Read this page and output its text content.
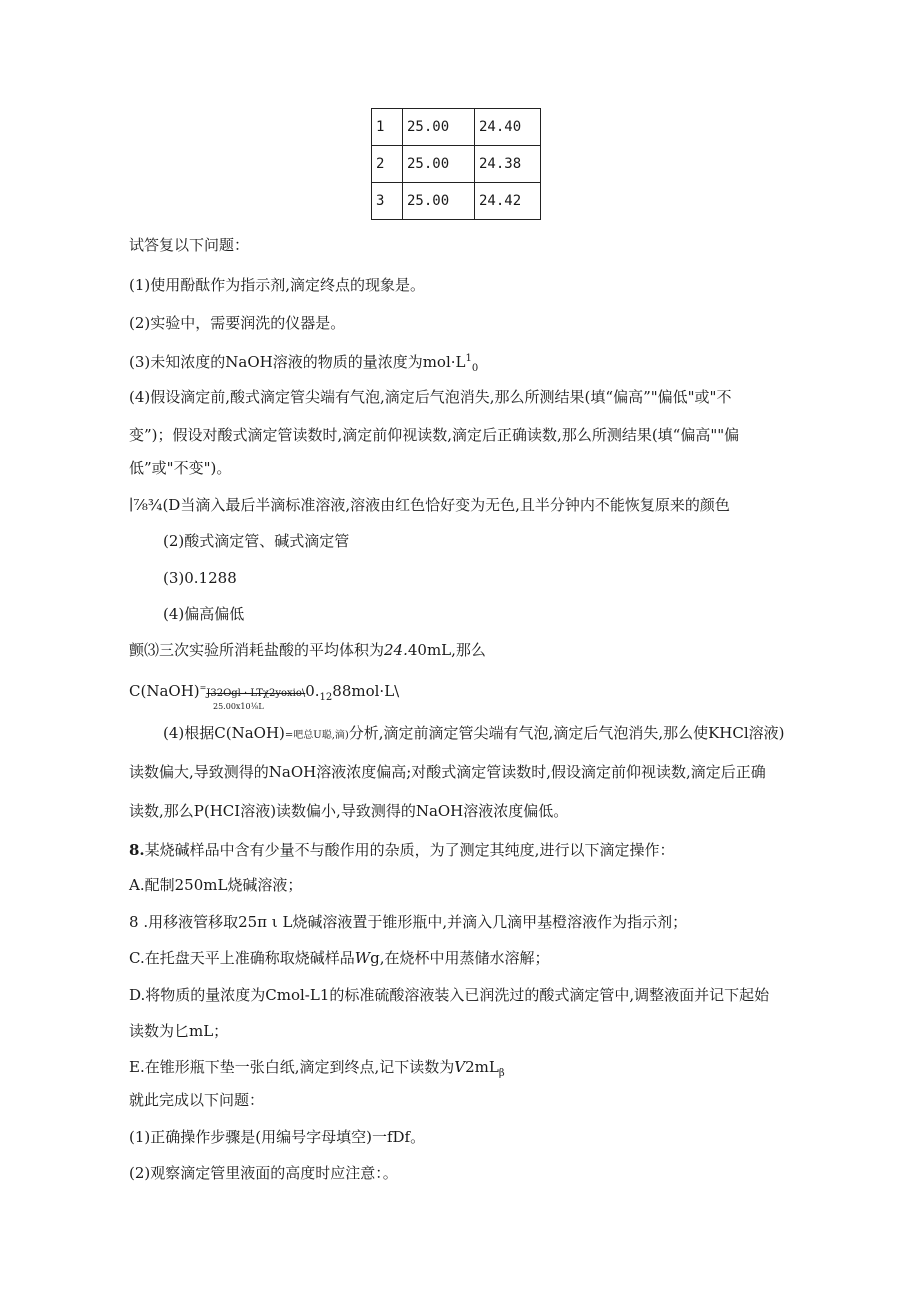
1	25.00	24.40
2	25.00	24.38
3	25.00	24.42
试答复以下问题：
(1)使用酚酞作为指示剂,滴定终点的现象是。
(2)实验中，需要润洗的仪器是。
(3)未知浓度的NaOH溶液的物质的量浓度为$mol\cdot L^1_0$
(4)假设滴定前,酸式滴定管尖端有气泡,滴定后气泡消失,那么所测结果(填“偏高”"偏低"或"不
变”)；假设对酸式滴定管读数时,滴定前仰视读数,滴定后正确读数,那么所测结果(填“偏高""偏
低”或"不变")。
∣⅞¾(D当滴入最后半滴标准溶液,溶液由红色恰好变为无色,且半分钟内不能恢复原来的颜色
(2)酸式滴定管、碱式滴定管
(3)0.1288
(4)偏高偏低
颤⑶三次实验所消耗盐酸的平均体积为24.40mL,那么
C(NaOH)=J32Ogl · $LT\chi 2yoxio\backslash 0._{12}88mol\cdot L\backslash$
25.00x10⅛L
(4)根据C(NaOH)=吧总U聪,滴)分析,滴定前滴定管尖端有气泡,滴定后气泡消失,那么使KHCl溶液)
读数偏大,导致测得的NaOH溶液浓度偏高;对酸式滴定管读数时,假设滴定前仰视读数,滴定后正确
读数,那么P(HCI溶液)读数偏小,导致测得的NaOH溶液浓度偏低。
8.某烧碱样品中含有少量不与酸作用的杂质，为了测定其纯度,进行以下滴定操作：
A.配制250mL烧碱溶液；
8 .用移液管移取25π ι L烧碱溶液置于锥形瓶中,并滴入几滴甲基橙溶液作为指示剂；
C.在托盘天平上准确称取烧碱样品Wg,在烧杯中用蒸储水溶解；
D.将物质的量浓度为Cmol-L1的标准硫酸溶液装入已润洗过的酸式滴定管中,调整液面并记下起始
读数为匕mL；
E.在锥形瓶下垫一张白纸,滴定到终点,记下读数为$V2mL_\beta$
就此完成以下问题：
(1)正确操作步骤是(用编号字母填空)一fDf。
(2)观察滴定管里液面的高度时应注意：。
